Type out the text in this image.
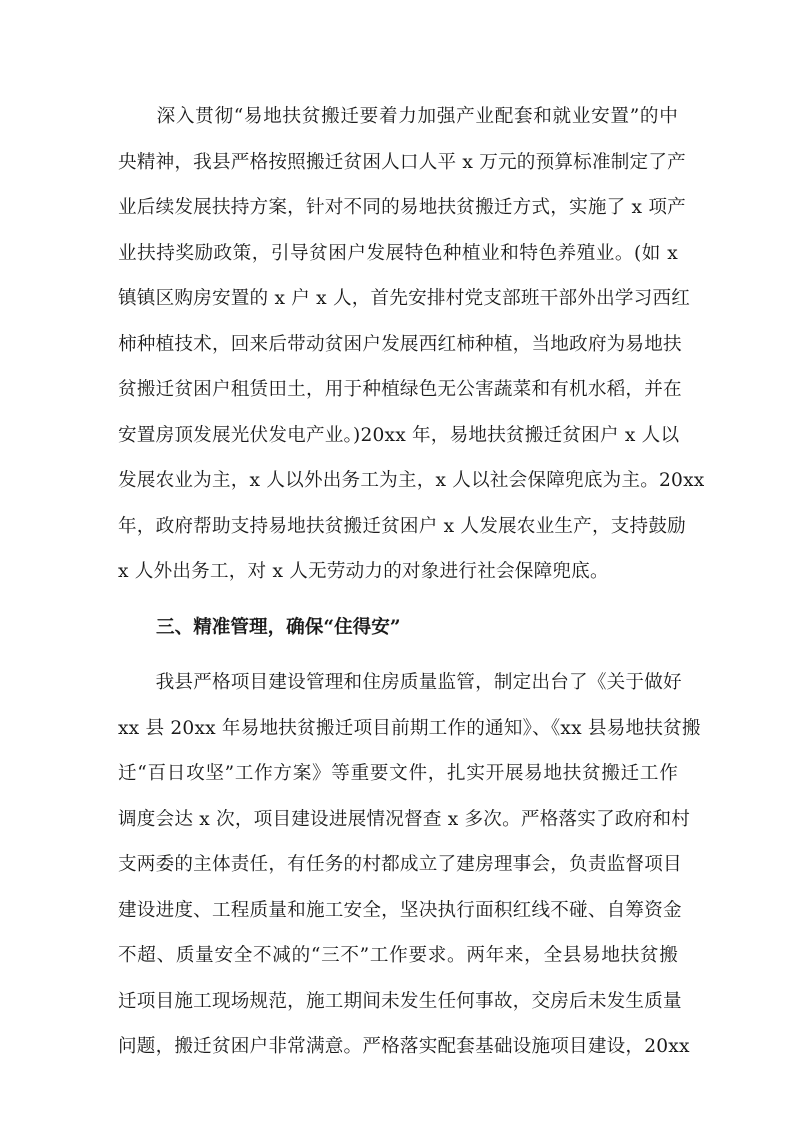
　　深入贯彻“易地扶贫搬迁要着力加强产业配套和就业安置”的中
央精神，我县严格按照搬迁贫困人口人平 x 万元的预算标准制定了产
业后续发展扶持方案，针对不同的易地扶贫搬迁方式，实施了 x 项产
业扶持奖励政策，引导贫困户发展特色种植业和特色养殖业。(如 x
镇镇区购房安置的 x 户 x 人，首先安排村党支部班干部外出学习西红
柿种植技术，回来后带动贫困户发展西红柿种植，当地政府为易地扶
贫搬迁贫困户租赁田土，用于种植绿色无公害蔬菜和有机水稻，并在
安置房顶发展光伏发电产业。)20xx 年，易地扶贫搬迁贫困户 x 人以
发展农业为主，x 人以外出务工为主，x 人以社会保障兜底为主。20xx
年，政府帮助支持易地扶贫搬迁贫困户 x 人发展农业生产，支持鼓励
x 人外出务工，对 x 人无劳动力的对象进行社会保障兜底。
三、精准管理，确保“住得安”
　　我县严格项目建设管理和住房质量监管，制定出台了《关于做好
xx 县 20xx 年易地扶贫搬迁项目前期工作的通知》、《xx 县易地扶贫搬
迁“百日攻坚”工作方案》等重要文件，扎实开展易地扶贫搬迁工作
调度会达 x 次，项目建设进展情况督查 x 多次。严格落实了政府和村
支两委的主体责任，有任务的村都成立了建房理事会，负责监督项目
建设进度、工程质量和施工安全，坚决执行面积红线不碰、自筹资金
不超、质量安全不减的“三不”工作要求。两年来，全县易地扶贫搬
迁项目施工现场规范，施工期间未发生任何事故，交房后未发生质量
问题，搬迁贫困户非常满意。严格落实配套基础设施项目建设，20xx
